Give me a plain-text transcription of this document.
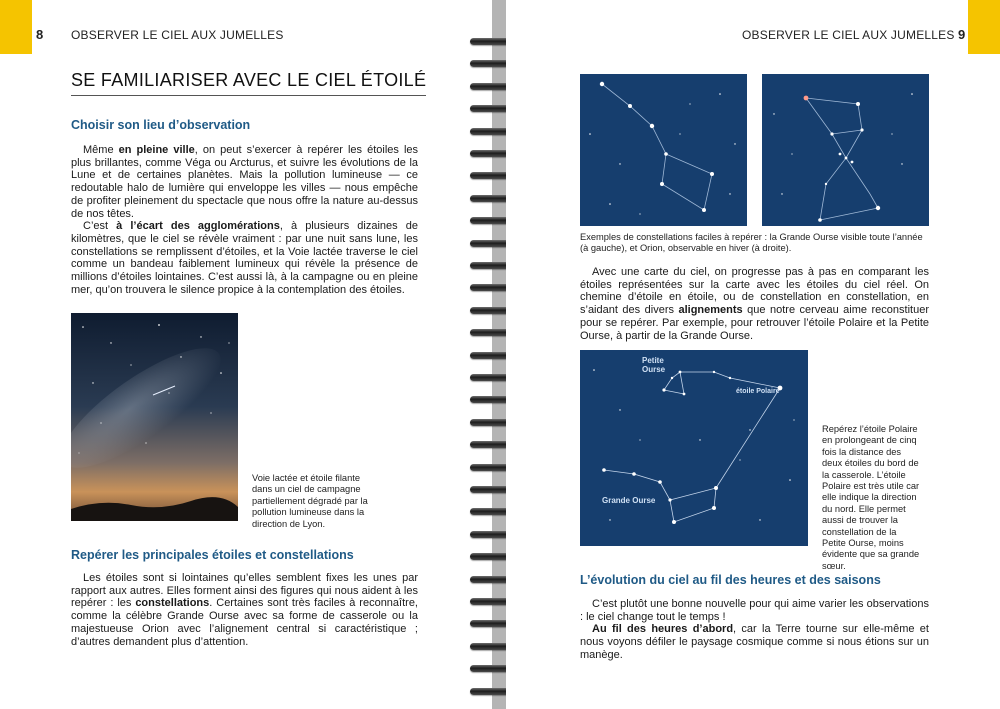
8 OBSERVER LE CIEL AUX JUMELLES
SE FAMILIARISER AVEC LE CIEL ÉTOILÉ
Choisir son lieu d’observation

Même en pleine ville, on peut s’exercer à repérer les étoiles les plus brillantes, comme Véga ou Arcturus, et suivre les évolutions de la Lune et de certaines planètes. Mais la pollution lumineuse — ce redoutable halo de lumière qui enveloppe les villes — nous empêche de profiter pleinement du spectacle que nous offre la nature au-dessus de nos têtes.

C’est à l’écart des agglomérations, à plusieurs dizaines de kilomètres, que le ciel se révèle vraiment : par une nuit sans lune, les constellations se remplissent d’étoiles, et la Voie lactée traverse le ciel comme un bandeau faiblement lumineux qui révèle la présence de millions d’étoiles lointaines. C’est aussi là, à la campagne ou en pleine mer, qu’on trouvera le silence propice à la contemplation des étoiles.

Voie lactée et étoile filante dans un ciel de campagne partiellement dégradé par la pollution lumineuse dans la direction de Lyon.
Repérer les principales étoiles et constellations

Les étoiles sont si lointaines qu’elles semblent fixes les unes par rapport aux autres. Elles forment ainsi des figures qui nous aident à les repérer : les constellations. Certaines sont très faciles à reconnaître, comme la célèbre Grande Ourse avec sa forme de casserole ou la majestueuse Orion avec l’alignement central si caractéristique ; d’autres demandent plus d’attention.

OBSERVER LE CIEL AUX JUMELLES 9
Exemples de constellations faciles à repérer : la Grande Ourse visible toute l’année (à gauche), et Orion, observable en hiver (à droite).

Avec une carte du ciel, on progresse pas à pas en comparant les étoiles représentées sur la carte avec les étoiles du ciel réel. On chemine d’étoile en étoile, ou de constellation en constellation, en s’aidant des divers alignements que notre cerveau aime reconstituer pour se repérer. Par exemple, pour retrouver l’étoile Polaire et la Petite Ourse, à partir de la Grande Ourse.

Petite
Ourse
étoile Polaire
Grande Ourse
Repérez l’étoile Polaire en prolongeant de cinq fois la distance des deux étoiles du bord de la casserole. L’étoile Polaire est très utile car elle indique la direction du nord. Elle permet aussi de trouver la constellation de la Petite Ourse, moins évidente que sa grande sœur.
L’évolution du ciel au fil des heures et des saisons

C’est plutôt une bonne nouvelle pour qui aime varier les observations : le ciel change tout le temps !

Au fil des heures d’abord, car la Terre tourne sur elle-même et nous voyons défiler le paysage cosmique comme si nous étions sur un manège.
